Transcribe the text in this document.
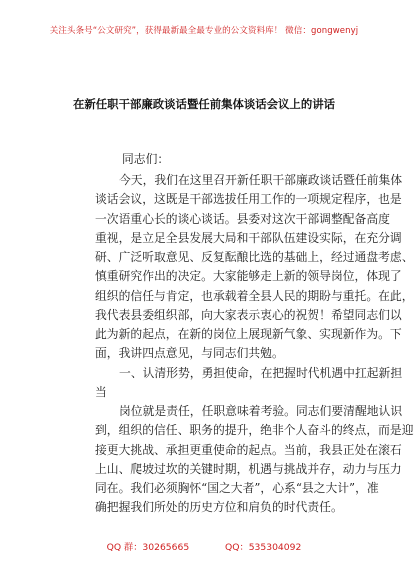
关注头条号“公文研究”，获得最新最全最专业的公文资料库！ 微信：gongwenyj
在新任职干部廉政谈话暨任前集体谈话会议上的讲话
同志们：
今天，我们在这里召开新任职干部廉政谈话暨任前集体
谈话会议，这既是干部选拔任用工作的一项规定程序，也是
一次语重心长的谈心谈话。县委对这次干部调整配备高度
重视，是立足全县发展大局和干部队伍建设实际，在充分调
研、广泛听取意见、反复酝酿比选的基础上，经过通盘考虑、
慎重研究作出的决定。大家能够走上新的领导岗位，体现了
组织的信任与肯定，也承载着全县人民的期盼与重托。在此，
我代表县委组织部，向大家表示衷心的祝贺！希望同志们以
此为新的起点，在新的岗位上展现新气象、实现新作为。下
面，我讲四点意见，与同志们共勉。
一、认清形势，勇担使命，在把握时代机遇中扛起新担
当
岗位就是责任，任职意味着考验。同志们要清醒地认识
到，组织的信任、职务的提升，绝非个人奋斗的终点，而是迎
接更大挑战、承担更重使命的起点。当前，我县正处在滚石
上山、爬坡过坎的关键时期，机遇与挑战并存，动力与压力
同在。我们必须胸怀“国之大者”，心系“县之大计”，准
确把握我们所处的历史方位和肩负的时代责任。
QQ 群：30265665	QQ：535304092
